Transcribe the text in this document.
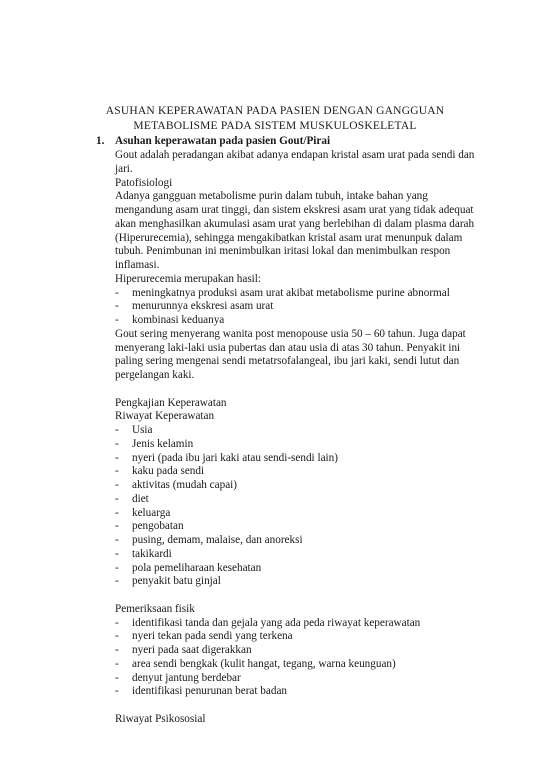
ASUHAN KEPERAWATAN PADA PASIEN DENGAN GANGGUAN
METABOLISME PADA SISTEM MUSKULOSKELETAL
1. Asuhan keperawatan pada pasien Gout/Pirai
Gout adalah peradangan akibat adanya endapan kristal asam urat pada sendi dan
jari.
Patofisiologi
Adanya gangguan metabolisme purin dalam tubuh, intake bahan yang
mengandung asam urat tinggi, dan sistem ekskresi asam urat yang tidak adequat
akan menghasilkan akumulasi asam urat yang berlebihan di dalam plasma darah
(Hiperurecemia), sehingga mengakibatkan kristal asam urat menunpuk dalam
tubuh. Penimbunan ini menimbulkan iritasi lokal dan menimbulkan respon
inflamasi.
Hiperurecemia merupakan hasil:
- meningkatnya produksi asam urat akibat metabolisme purine abnormal
- menurunnya ekskresi asam urat
- kombinasi keduanya
Gout sering menyerang wanita post menopouse usia 50 – 60 tahun. Juga dapat
menyerang laki-laki usia pubertas dan atau usia di atas 30 tahun. Penyakit ini
paling sering mengenai sendi metatrsofalangeal, ibu jari kaki, sendi lutut dan
pergelangan kaki.
Pengkajian Keperawatan
Riwayat Keperawatan
- Usia
- Jenis kelamin
- nyeri (pada ibu jari kaki atau sendi-sendi lain)
- kaku pada sendi
- aktivitas (mudah capai)
- diet
- keluarga
- pengobatan
- pusing, demam, malaise, dan anoreksi
- takikardi
- pola pemeliharaan kesehatan
- penyakit batu ginjal
Pemeriksaan fisik
- identifikasi tanda dan gejala yang ada peda riwayat keperawatan
- nyeri tekan pada sendi yang terkena
- nyeri pada saat digerakkan
- area sendi bengkak (kulit hangat, tegang, warna keunguan)
- denyut jantung berdebar
- identifikasi penurunan berat badan
Riwayat Psikososial
